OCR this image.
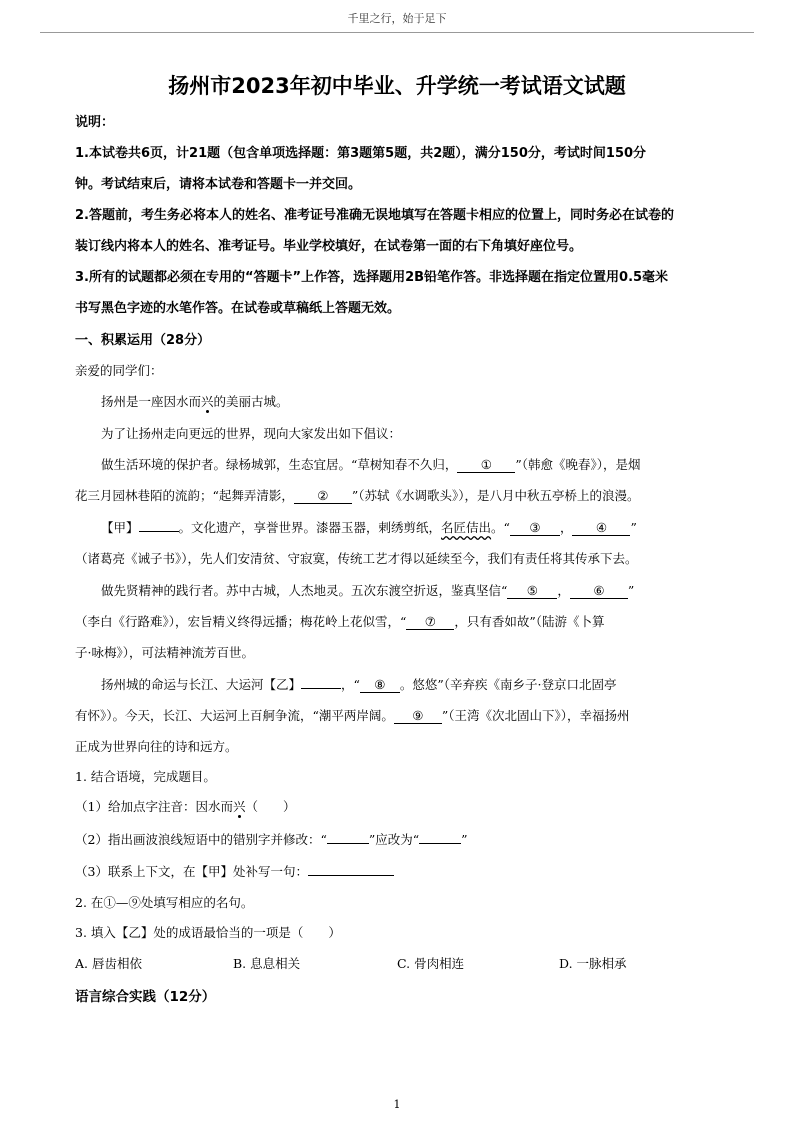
千里之行，始于足下
扬州市2023年初中毕业、升学统一考试语文试题
说明：
1.本试卷共6页，计21题（包含单项选择题：第3题第5题，共2题），满分150分，考试时间150分
钟。考试结束后，请将本试卷和答题卡一并交回。
2.答题前，考生务必将本人的姓名、准考证号准确无误地填写在答题卡相应的位置上，同时务必在试卷的
装订线内将本人的姓名、准考证号。毕业学校填好，在试卷第一面的右下角填好座位号。
3.所有的试题都必须在专用的“答题卡”上作答，选择题用2B铅笔作答。非选择题在指定位置用0.5毫米
书写黑色字迹的水笔作答。在试卷或草稿纸上答题无效。
一、积累运用（28分）
亲爱的同学们：
扬州是一座因水而兴的美丽古城。
为了让扬州走向更远的世界，现向大家发出如下倡议：
做生活环境的保护者。绿杨城郭，生态宜居。“草树知春不久归， ① ”（韩愈《晚春》），是烟
花三月园林巷陌的流韵；“起舞弄清影， ② ”（苏轼《水调歌头》），是八月中秋五亭桥上的浪漫。
【甲】	。文化遗产，享誉世界。漆器玉器，剌绣剪纸，名匠佶出。“ ③ ， ④ ”
（诸葛亮《诫子书》），先人们安清贫、守寂寞，传统工艺才得以延续至今，我们有责任将其传承下去。
做先贤精神的践行者。苏中古城，人杰地灵。五次东渡空折返，鉴真坚信“ ⑤ ， ⑥ ”
（李白《行路难》），宏旨精义终得远播；梅花岭上花似雪，“ ⑦ ，只有香如故”（陆游《卜算
子·咏梅》），可法精神流芳百世。
扬州城的命运与长江、大运河【乙】	，“ ⑧ 。悠悠”（辛弃疾《南乡子·登京口北固亭
有怀》）。今天，长江、大运河上百舸争流，“潮平两岸阔。 ⑨ ”（王湾《次北固山下》），幸福扬州
正成为世界向往的诗和远方。
1. 结合语境，完成题目。
（1）给加点字注音：因水而兴（　　）
（2）指出画波浪线短语中的错别字并修改：“	”应改为“	”
（3）联系上下文，在【甲】处补写一句：
2. 在①—⑨处填写相应的名句。
3. 填入【乙】处的成语最恰当的一项是（　　）
A. 唇齿相依	B. 息息相关	C. 骨肉相连	D. 一脉相承
语言综合实践（12分）
1
